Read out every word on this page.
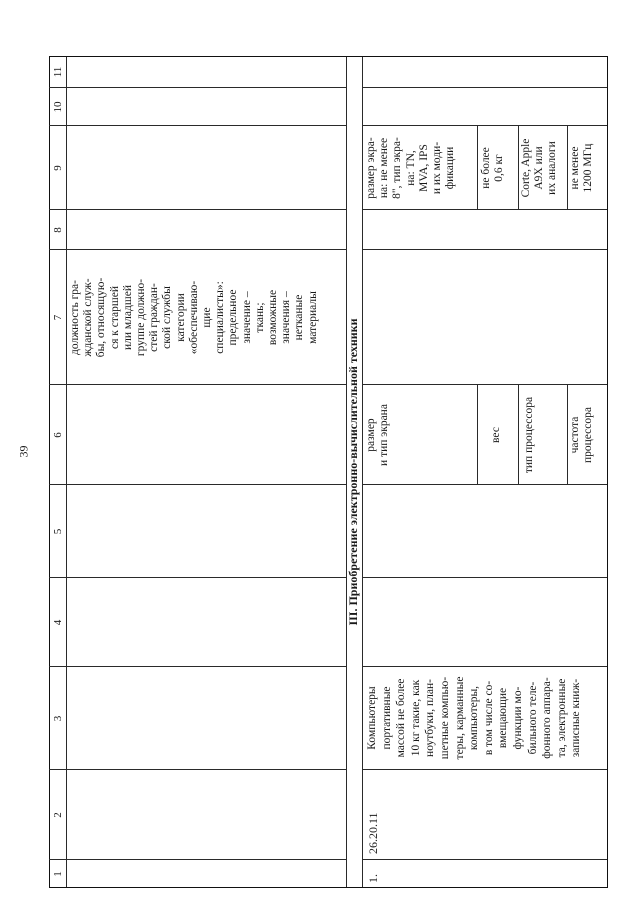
39
1
2
3
4
5
6
7
8
9
10
11
должность гра-
жданской служ-
бы, относящую-
ся к старшей
или младшей
группе должно-
стей граждан-
ской службы
категории
«обеспечиваю-
щие
специалисты»:
предельное
значение –
ткань;
возможные
значения –
нетканые
материалы
III. Приобретение электронно-вычислительной техники
1.
26.20.11
Компьютеры
портативные
массой не более
10 кг такие, как
ноутбуки, план-
шетные компью-
теры, карманные
компьютеры,
в том числе со-
вмещающие
функции мо-
бильного теле-
фонного аппара-
та, электронные
записные книж-
размер
и тип экрана	вес тип процессора	частота
процессора
размер экра-
на: не менее
8", тип экра-
на: TN,
MVA, IPS
и их моди-
фикации не более
0,6 кг
Corte, Apple
A9X или
их аналоги
не менее
1200 МГц
